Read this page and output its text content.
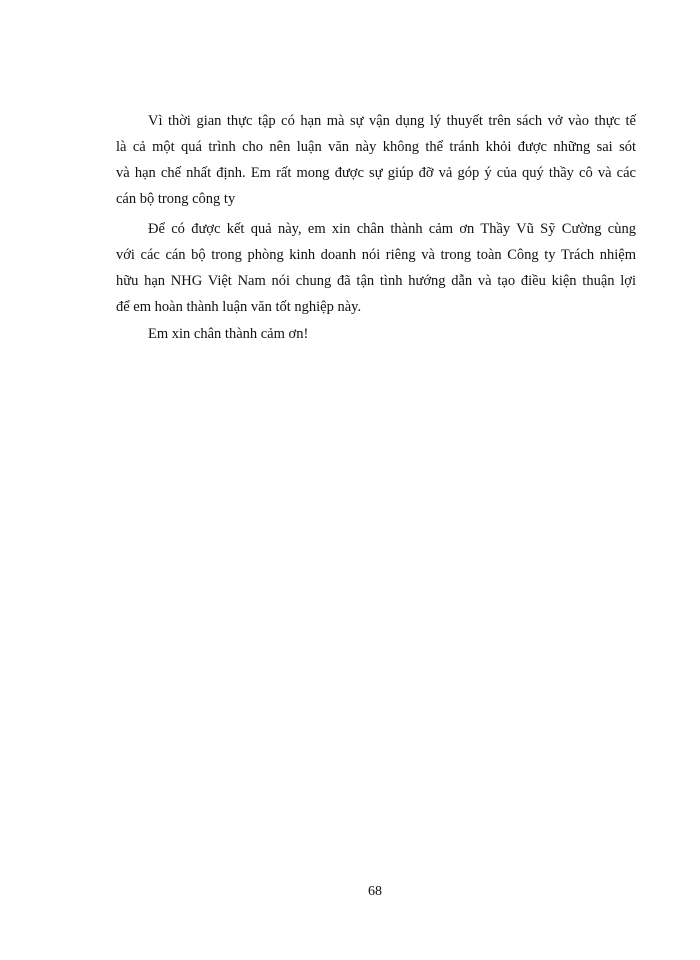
Vì thời gian thực tập có hạn mà sự vận dụng lý thuyết trên sách vở vào thực tế
là cả một quá trình cho nên luận văn này không thể tránh khỏi được những sai sót
và hạn chế nhất định. Em rất mong được sự giúp đỡ vả góp ý của quý thầy cô và các
cán bộ trong công ty
Để có được kết quả này, em xin chân thành cảm ơn Thầy Vũ Sỹ Cường cùng
với các cán bộ trong phòng kinh doanh nói riêng và trong toàn Công ty Trách nhiệm
hữu hạn NHG Việt Nam nói chung đã tận tình hướng dẫn và tạo điều kiện thuận lợi
để em hoàn thành luận văn tốt nghiệp này.
Em xin chân thành cảm ơn!
68
